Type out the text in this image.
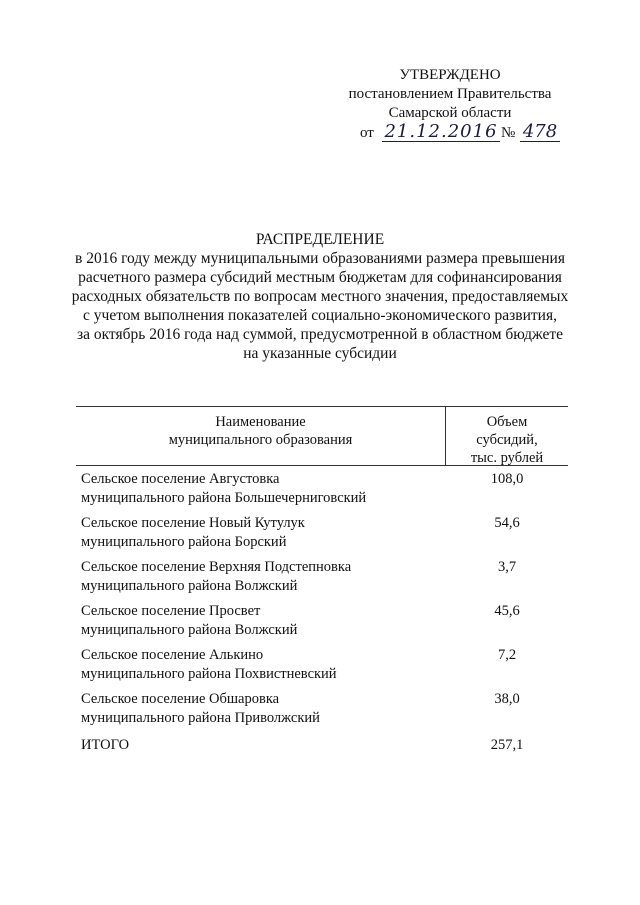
УТВЕРЖДЕНО
постановлением Правительства
Самарской области
от 21.12.2016 № 478
РАСПРЕДЕЛЕНИЕ
в 2016 году между муниципальными образованиями размера превышения
расчетного размера субсидий местным бюджетам для софинансирования
расходных обязательств по вопросам местного значения, предоставляемых
с учетом выполнения показателей социально-экономического развития,
за октябрь 2016 года над суммой, предусмотренной в областном бюджете
на указанные субсидии
Наименование
муниципального образования
Объем
субсидий,
тыс. рублей
Сельское поселение Августовка
муниципального района Большечерниговский
108,0
Сельское поселение Новый Кутулук
муниципального района Борский
54,6
Сельское поселение Верхняя Подстепновка
муниципального района Волжский
3,7
Сельское поселение Просвет
муниципального района Волжский
45,6
Сельское поселение Алькино
муниципального района Похвистневский
7,2
Сельское поселение Обшаровка
муниципального района Приволжский
38,0
ИТОГО	257,1
